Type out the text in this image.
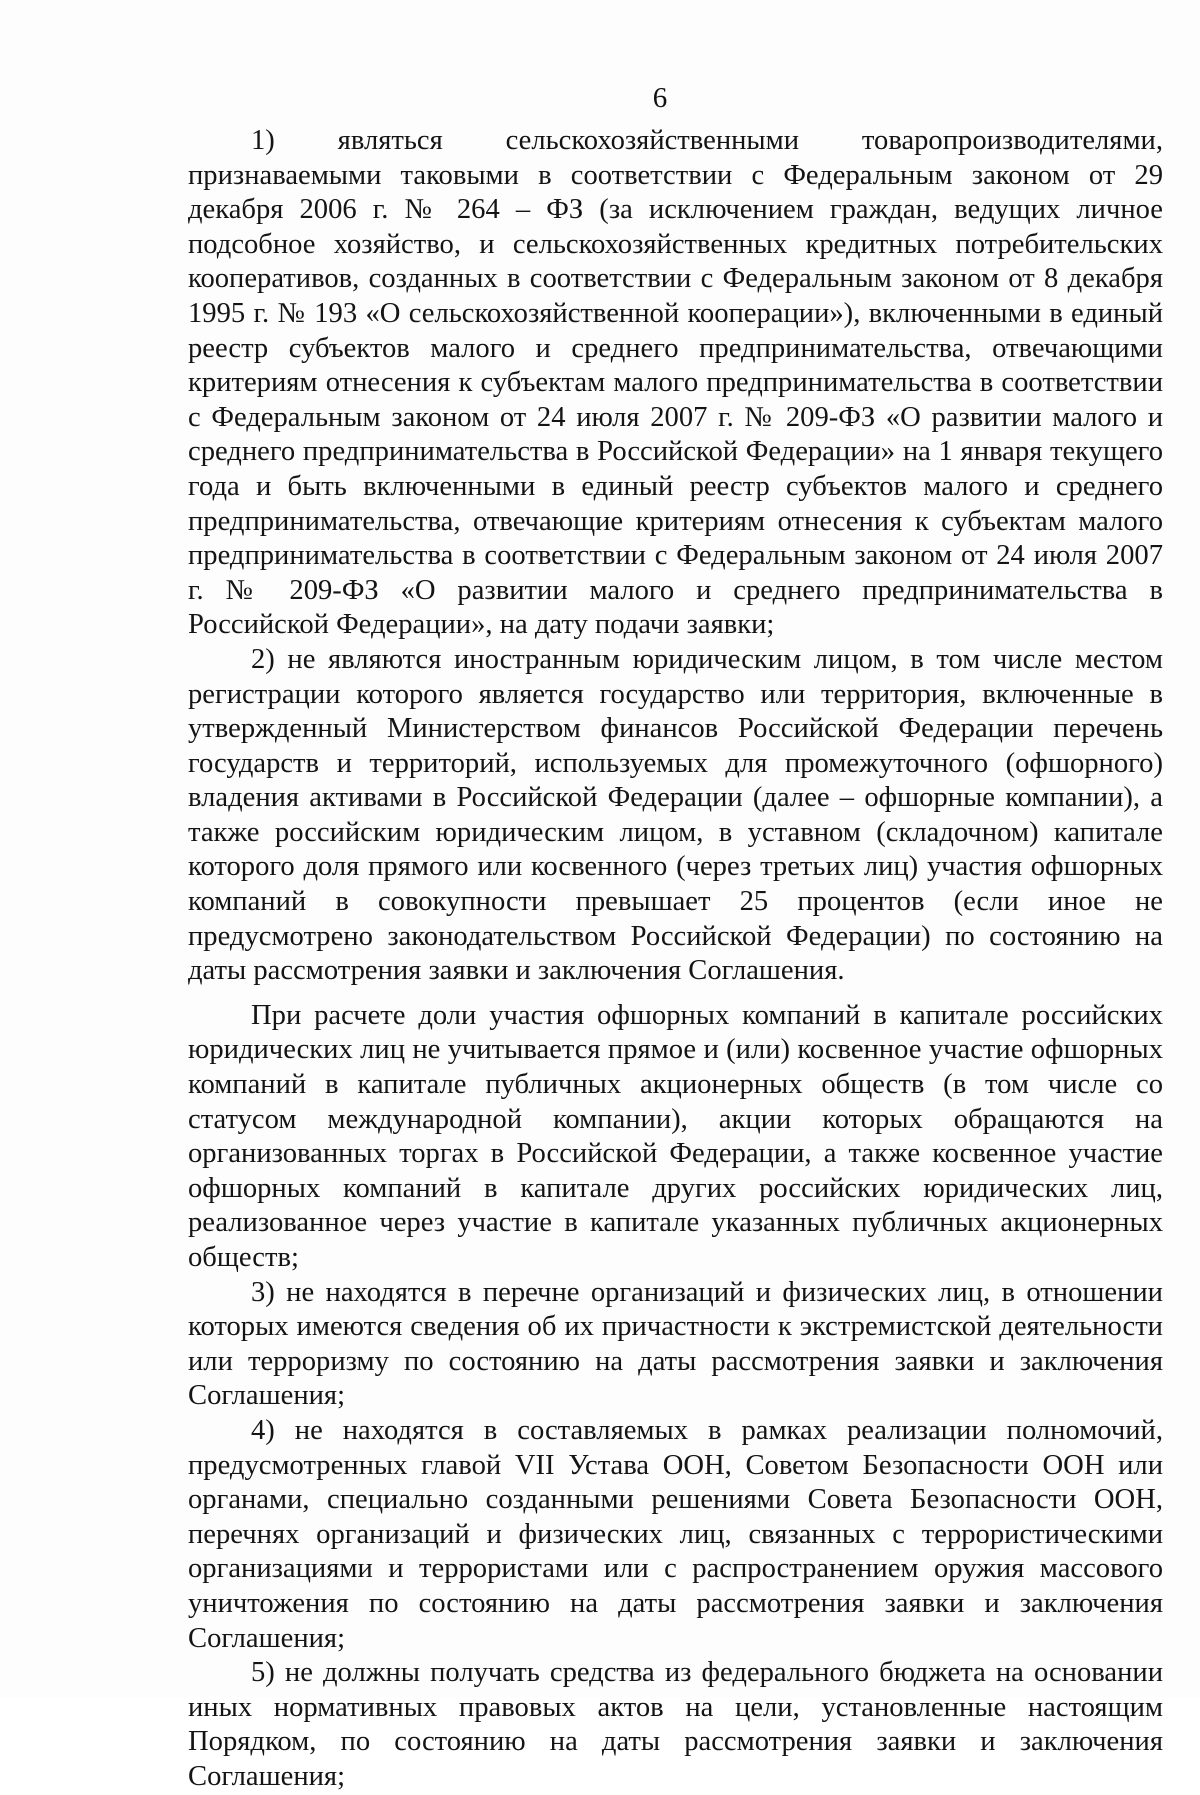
6

1) являться сельскохозяйственными товаропроизводителями, признаваемыми таковыми в соответствии с Федеральным законом от 29 декабря 2006 г. № 264 – ФЗ (за исключением граждан, ведущих личное подсобное хозяйство, и сельскохозяйственных кредитных потребительских кооперативов, созданных в соответствии с Федеральным законом от 8 декабря 1995 г. № 193 «О сельскохозяйственной кооперации»), включенными в единый реестр субъектов малого и среднего предпринимательства, отвечающими критериям отнесения к субъектам малого предпринимательства в соответствии с Федеральным законом от 24 июля 2007 г. № 209-ФЗ «О развитии малого и среднего предпринимательства в Российской Федерации» на 1 января текущего года и быть включенными в единый реестр субъектов малого и среднего предпринимательства, отвечающие критериям отнесения к субъектам малого предпринимательства в соответствии с Федеральным законом от 24 июля 2007 г. № 209-ФЗ «О развитии малого и среднего предпринимательства в Российской Федерации», на дату подачи заявки;

2) не являются иностранным юридическим лицом, в том числе местом регистрации которого является государство или территория, включенные в утвержденный Министерством финансов Российской Федерации перечень государств и территорий, используемых для промежуточного (офшорного) владения активами в Российской Федерации (далее – офшорные компании), а также российским юридическим лицом, в уставном (складочном) капитале которого доля прямого или косвенного (через третьих лиц) участия офшорных компаний в совокупности превышает 25 процентов (если иное не предусмотрено законодательством Российской Федерации) по состоянию на даты рассмотрения заявки и заключения Соглашения.

При расчете доли участия офшорных компаний в капитале российских юридических лиц не учитывается прямое и (или) косвенное участие офшорных компаний в капитале публичных акционерных обществ (в том числе со статусом международной компании), акции которых обращаются на организованных торгах в Российской Федерации, а также косвенное участие офшорных компаний в капитале других российских юридических лиц, реализованное через участие в капитале указанных публичных акционерных обществ;

3) не находятся в перечне организаций и физических лиц, в отношении которых имеются сведения об их причастности к экстремистской деятельности или терроризму по состоянию на даты рассмотрения заявки и заключения Соглашения;

4) не находятся в составляемых в рамках реализации полномочий, предусмотренных главой VII Устава ООН, Советом Безопасности ООН или органами, специально созданными решениями Совета Безопасности ООН, перечнях организаций и физических лиц, связанных с террористическими организациями и террористами или с распространением оружия массового уничтожения по состоянию на даты рассмотрения заявки и заключения Соглашения;

5) не должны получать средства из федерального бюджета на основании иных нормативных правовых актов на цели, установленные настоящим Порядком, по состоянию на даты рассмотрения заявки и заключения Соглашения;
